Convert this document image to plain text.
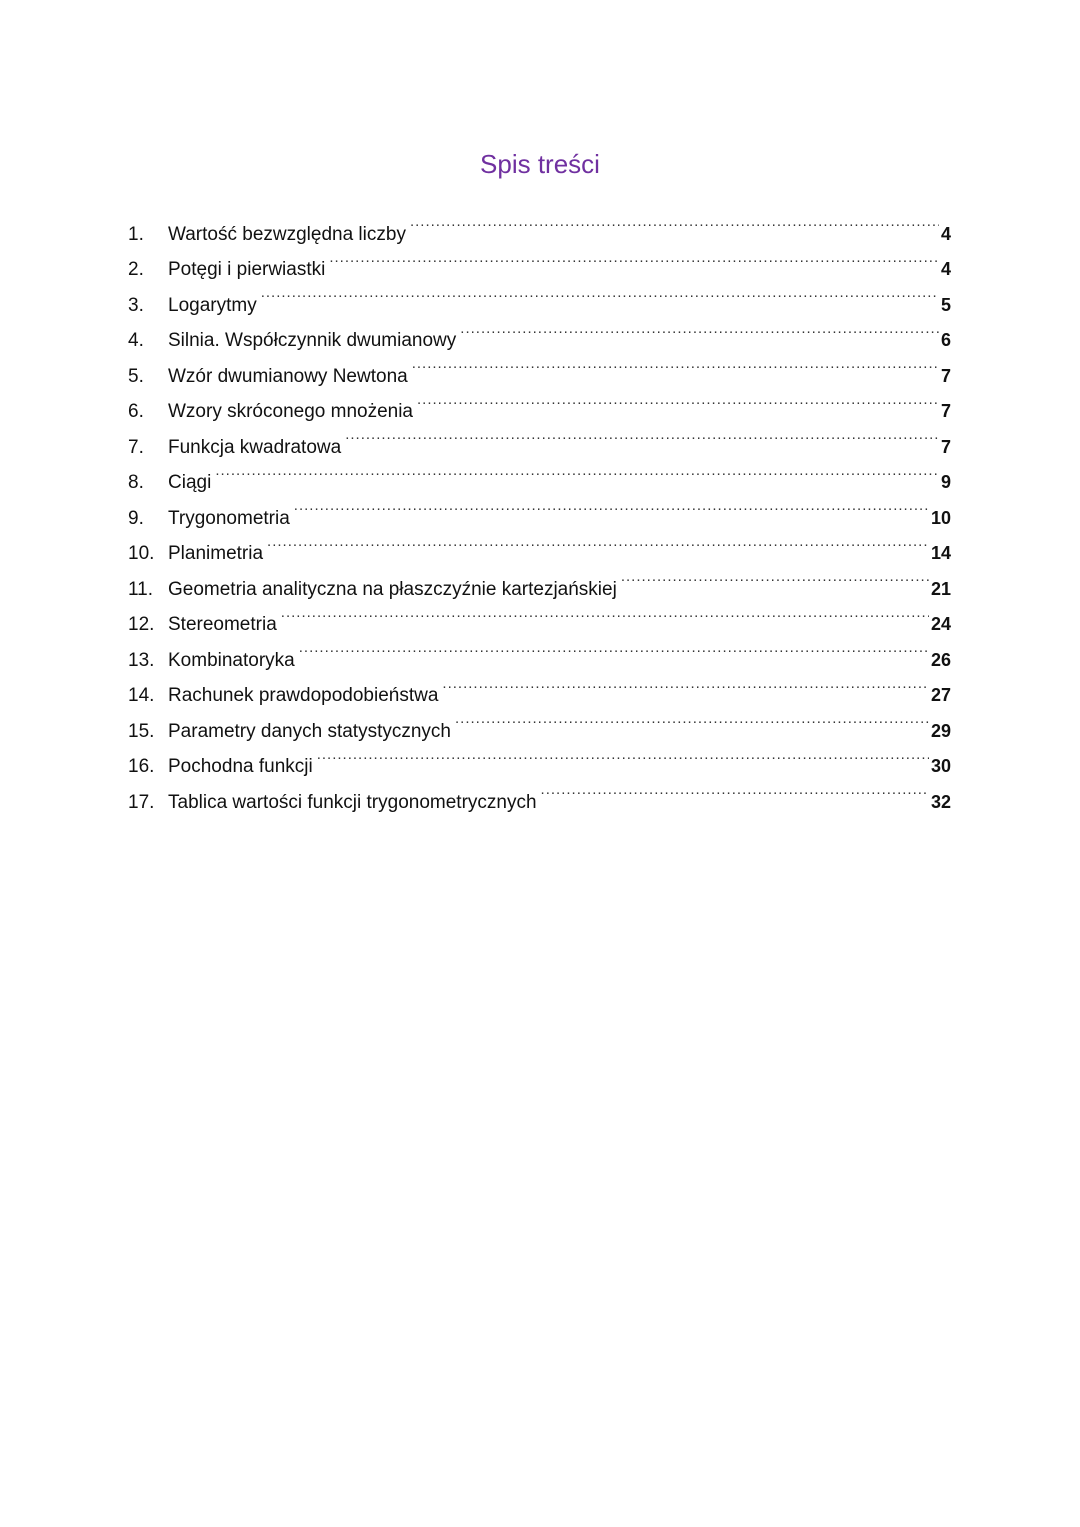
Spis treści
1.	Wartość bezwzględna liczby .....	4
2.	Potęgi i pierwiastki .....	4
3.	Logarytmy .....	5
4.	Silnia. Współczynnik dwumianowy .....	6
5.	Wzór dwumianowy Newtona .....	7
6.	Wzory skróconego mnożenia .....	7
7.	Funkcja kwadratowa .....	7
8.	Ciągi .....	9
9.	Trygonometria .....	10
10. Planimetria .....	14
11. Geometria analityczna na płaszczyźnie kartezjańskiej .....	21
12. Stereometria .....	24
13. Kombinatoryka .....	26
14. Rachunek prawdopodobieństwa .....	27
15. Parametry danych statystycznych .....	29
16. Pochodna funkcji .....	30
17. Tablica wartości funkcji trygonometrycznych .....	32
